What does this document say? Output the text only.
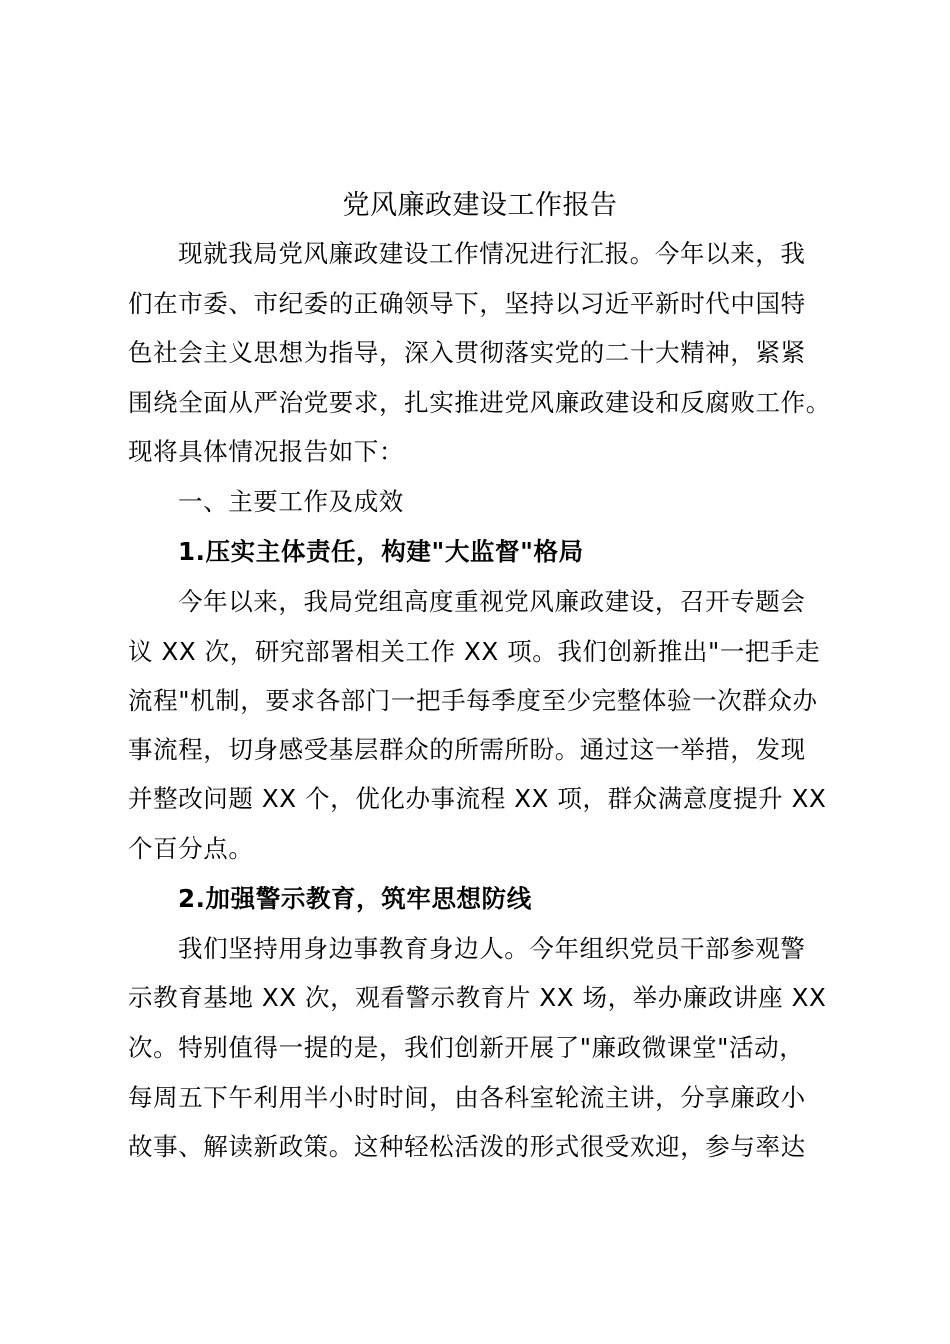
党风廉政建设工作报告
现就我局党风廉政建设工作情况进行汇报。今年以来，我
们在市委、市纪委的正确领导下，坚持以习近平新时代中国特
色社会主义思想为指导，深入贯彻落实党的二十大精神，紧紧
围绕全面从严治党要求，扎实推进党风廉政建设和反腐败工作。
现将具体情况报告如下：
一、主要工作及成效
1.压实主体责任，构建"大监督"格局
今年以来，我局党组高度重视党风廉政建设，召开专题会
议 XX 次，研究部署相关工作 XX 项。我们创新推出"一把手走
流程"机制，要求各部门一把手每季度至少完整体验一次群众办
事流程，切身感受基层群众的所需所盼。通过这一举措，发现
并整改问题 XX 个，优化办事流程 XX 项，群众满意度提升 XX
个百分点。
2.加强警示教育，筑牢思想防线
我们坚持用身边事教育身边人。今年组织党员干部参观警
示教育基地 XX 次，观看警示教育片 XX 场，举办廉政讲座 XX
次。特别值得一提的是，我们创新开展了"廉政微课堂"活动，
每周五下午利用半小时时间，由各科室轮流主讲，分享廉政小
故事、解读新政策。这种轻松活泼的形式很受欢迎，参与率达
